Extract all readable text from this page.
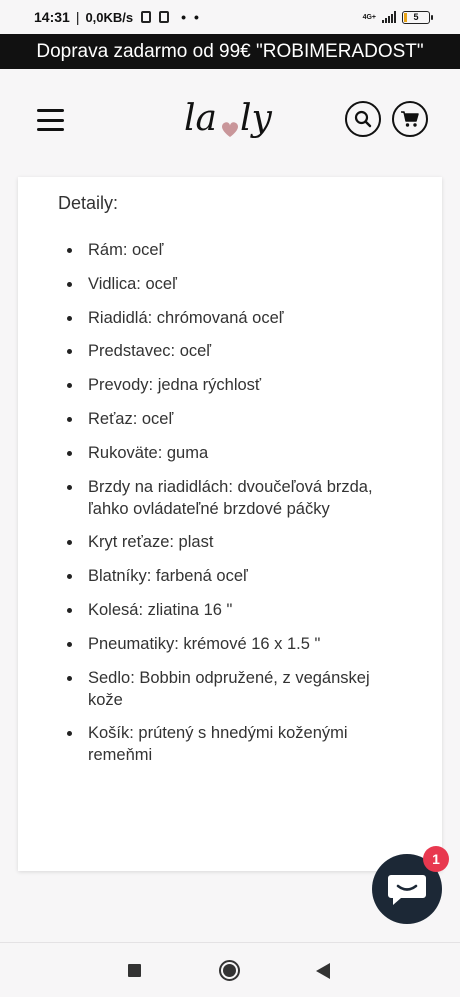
14:31 | 0,0KB/s	• •	4G+	5
Doprava zadarmo od 99€ "ROBIMERADOST"
la ly
Detaily:
Rám: oceľ
Vidlica: oceľ
Riadidlá: chrómovaná oceľ
Predstavec: oceľ
Prevody: jedna rýchlosť
Reťaz: oceľ
Rukoväte: guma
Brzdy na riadidlách: dvoučeľová brzda, ľahko ovládateľné brzdové páčky
Kryt reťaze: plast
Blatníky: farbená oceľ
Kolesá: zliatina 16 "
Pneumatiky: krémové 16 x 1.5 "
Sedlo: Bobbin odpružené, z vegánskej kože
Košík: prútený s hnedými koženými remeňmi
1
